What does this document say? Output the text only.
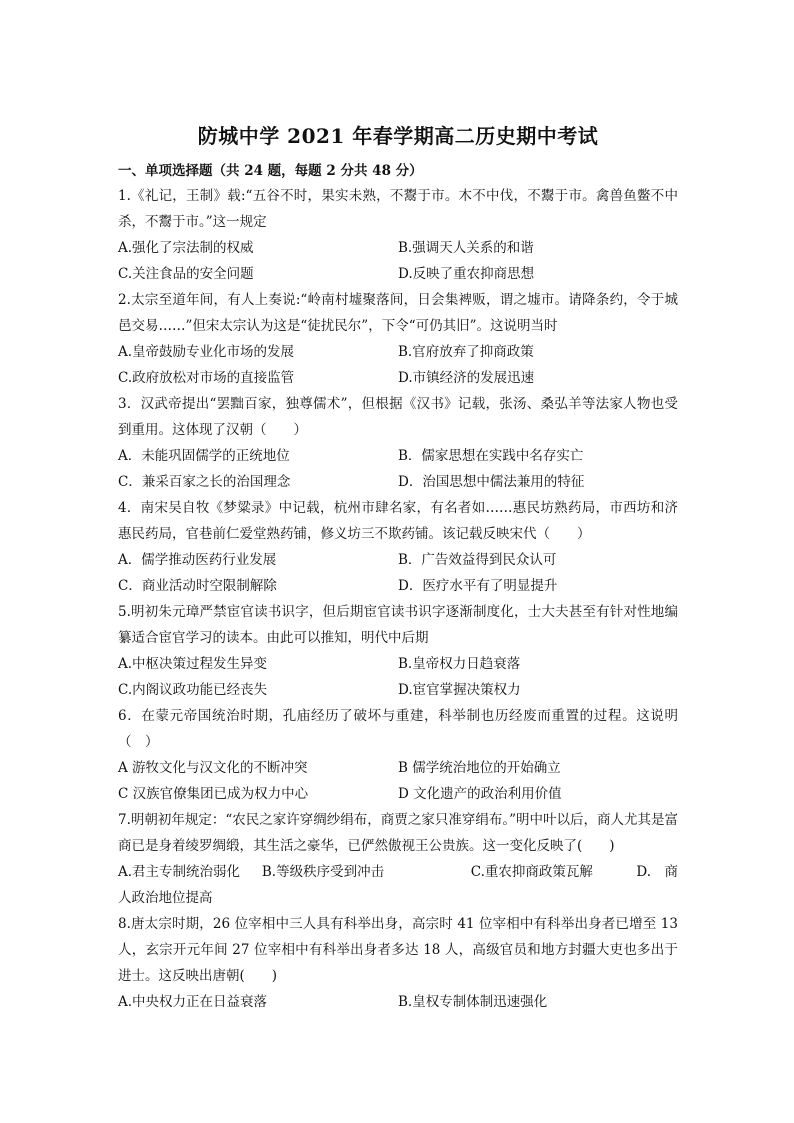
防城中学 2021 年春学期高二历史期中考试

一、单项选择题（共 24 题，每题 2 分共 48 分）

1.《礼记，王制》载:“五谷不时，果实未熟，不鬻于市。木不中伐，不鬻于市。禽兽鱼鳖不中杀，不鬻于市。”这一规定

A.强化了宗法制的权威	B.强调天人关系的和谐
C.关注食品的安全问题	D.反映了重农抑商思想

2.太宗至道年间，有人上奏说:“岭南村墟聚落间，日会集裨贩，谓之墟市。请降条约，令于城邑交易……”但宋太宗认为这是“徒扰民尔”，下令“可仍其旧”。这说明当时

A.皇帝鼓励专业化市场的发展	B.官府放弃了抑商政策
C.政府放松对市场的直接监管	D.市镇经济的发展迅速

3．汉武帝提出“罢黜百家，独尊儒术”，但根据《汉书》记载，张汤、桑弘羊等法家人物也受到重用。这体现了汉朝（　　）

A．未能巩固儒学的正统地位	B．儒家思想在实践中名存实亡
C．兼采百家之长的治国理念	D．治国思想中儒法兼用的特征

4．南宋吴自牧《梦粱录》中记载，杭州市肆名家，有名者如……惠民坊熟药局，市西坊和济惠民药局，官巷前仁爱堂熟药铺，修义坊三不欺药铺。该记载反映宋代（　　）

A．儒学推动医药行业发展	B．广告效益得到民众认可
C．商业活动时空限制解除	D．医疗水平有了明显提升

5.明初朱元璋严禁宦官读书识字，但后期宦官读书识字逐渐制度化，士大夫甚至有针对性地编纂适合宦官学习的读本。由此可以推知，明代中后期

A.中枢决策过程发生异变	B.皇帝权力日趋衰落
C.内阁议政功能已经丧失	D.宦官掌握决策权力

6．在蒙元帝国统治时期，孔庙经历了破坏与重建，科举制也历经废而重置的过程。这说明（　）

A 游牧文化与汉文化的不断冲突	B 儒学统治地位的开始确立
C 汉族官僚集团已成为权力中心	D 文化遗产的政治利用价值

7.明朝初年规定：“农民之家许穿绸纱绢布，商贾之家只准穿绢布。”明中叶以后，商人尤其是富商已是身着绫罗绸缎，其生活之豪华，已俨然傲视王公贵族。这一变化反映了(　　)

A.君主专制统治弱化	B.等级秩序受到冲击	C.重农抑商政策瓦解	D.　商

人政治地位提高

8.唐太宗时期，26 位宰相中三人具有科举出身，高宗时 41 位宰相中有科举出身者已增至 13 人，玄宗开元年间 27 位宰相中有科举出身者多达 18 人，高级官员和地方封疆大吏也多出于进士。这反映出唐朝(　　)

A.中央权力正在日益衰落	B.皇权专制体制迅速强化
